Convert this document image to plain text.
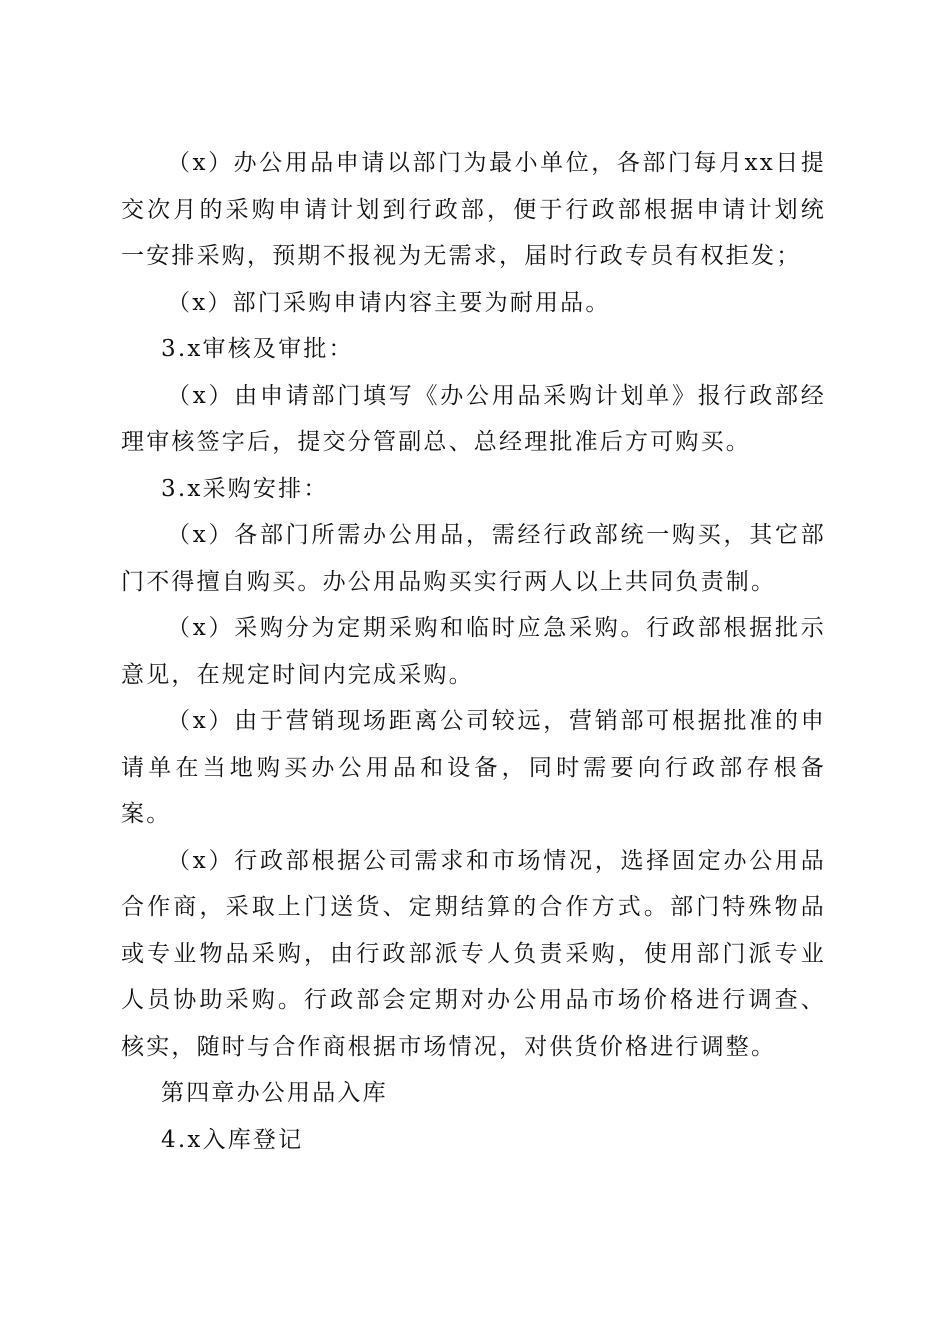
（x）办公用品申请以部门为最小单位，各部门每月xx日提交次月的采购申请计划到行政部，便于行政部根据申请计划统一安排采购，预期不报视为无需求，届时行政专员有权拒发；

（x）部门采购申请内容主要为耐用品。

3.x审核及审批：

（x）由申请部门填写《办公用品采购计划单》报行政部经理审核签字后，提交分管副总、总经理批准后方可购买。

3.x采购安排：

（x）各部门所需办公用品，需经行政部统一购买，其它部门不得擅自购买。办公用品购买实行两人以上共同负责制。

（x）采购分为定期采购和临时应急采购。行政部根据批示意见，在规定时间内完成采购。

（x）由于营销现场距离公司较远，营销部可根据批准的申请单在当地购买办公用品和设备，同时需要向行政部存根备案。

（x）行政部根据公司需求和市场情况，选择固定办公用品合作商，采取上门送货、定期结算的合作方式。部门特殊物品或专业物品采购，由行政部派专人负责采购，使用部门派专业人员协助采购。行政部会定期对办公用品市场价格进行调查、核实，随时与合作商根据市场情况，对供货价格进行调整。

第四章办公用品入库

4.x入库登记
